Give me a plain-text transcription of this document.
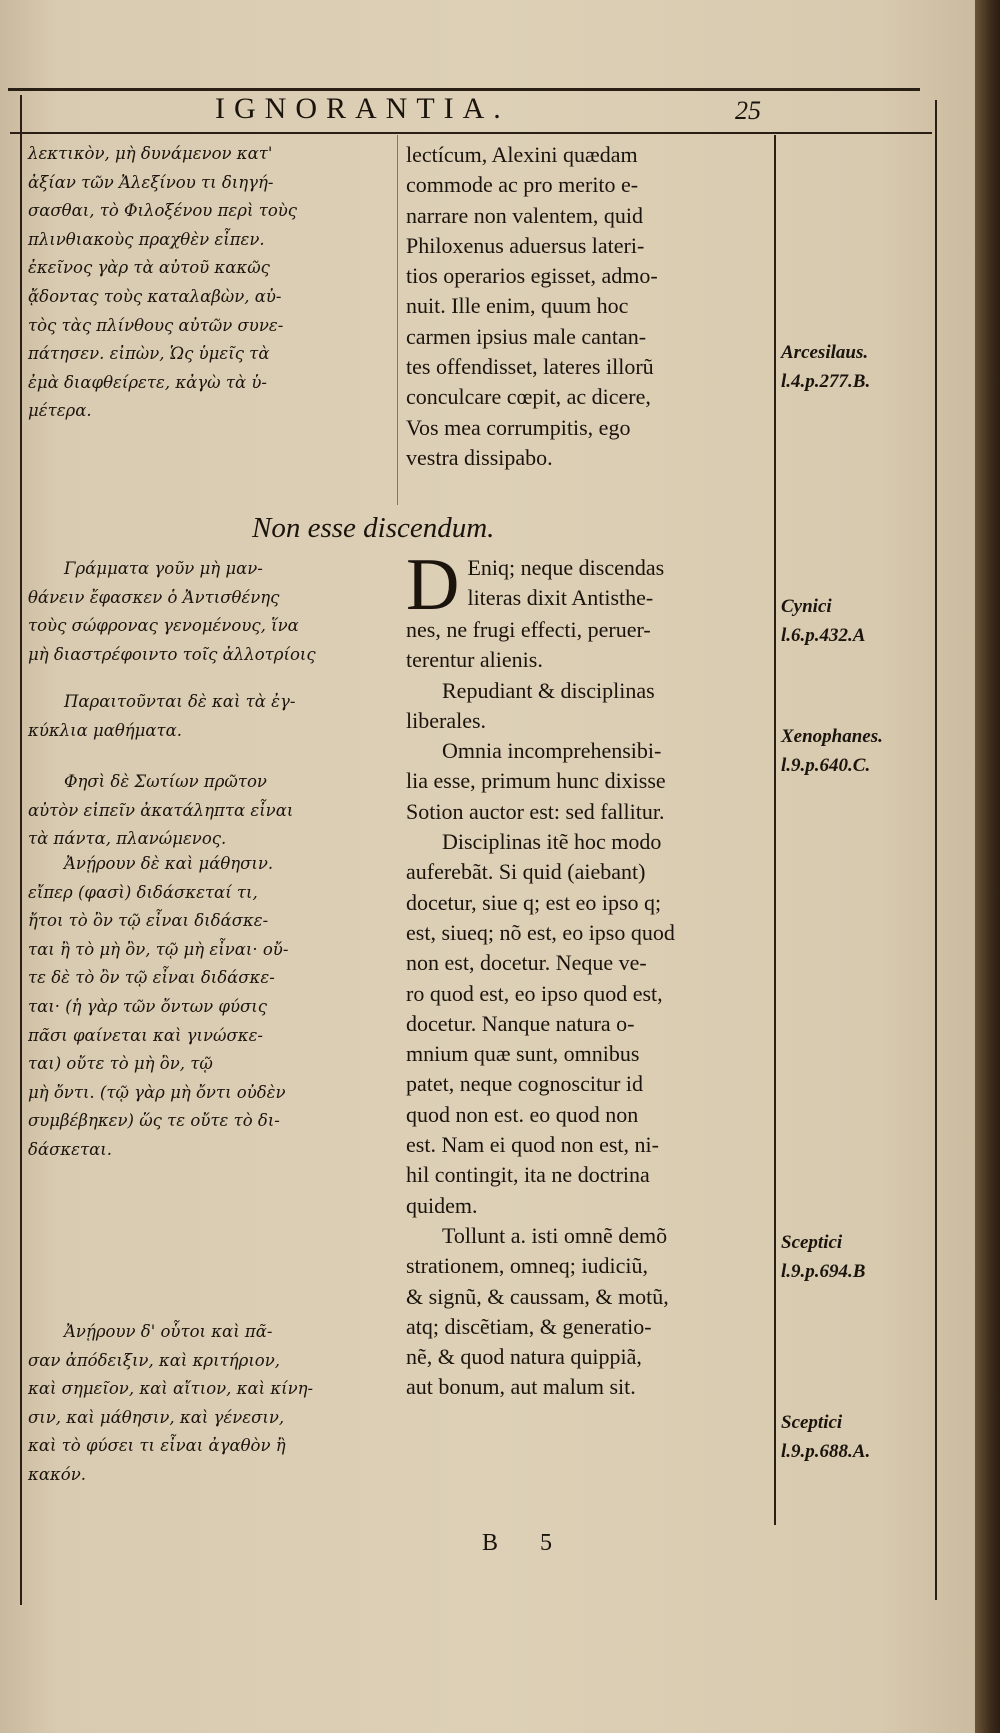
IGNORANTIA.	25

λεκτικὸν, μὴ δυνάμενον κατ'

ἀξίαν τῶν Ἀλεξίνου τι διηγή-

σασθαι, τὸ Φιλοξένου περὶ τοὺς

πλινθιακοὺς πραχθὲν εἶπεν.

ἐκεῖνος γὰρ τὰ αὐτοῦ κακῶς

ᾄδοντας τοὺς καταλαβὼν, αὐ-

τὸς τὰς πλίνθους αὐτῶν συνε-

πάτησεν. εἰπὼν, Ὡς ὑμεῖς τὰ

ἐμὰ διαφθείρετε, κἀγὼ τὰ ὑ-

μέτερα.

Γράμματα γοῦν μὴ μαν-

θάνειν ἔφασκεν ὁ Ἀντισθένης

τοὺς σώφρονας γενομένους, ἵνα

μὴ διαστρέφοιντο τοῖς ἀλλοτρίοις

Παραιτοῦνται δὲ καὶ τὰ ἐγ-

κύκλια μαθήματα.

Φησὶ δὲ Σωτίων πρῶτον

αὐτὸν εἰπεῖν ἀκατάληπτα εἶναι

τὰ πάντα, πλανώμενος.

Ἀνῄρουν δὲ καὶ μάθησιν.

εἴπερ (φασὶ) διδάσκεταί τι,

ἤτοι τὸ ὂν τῷ εἶναι διδάσκε-

ται ἢ τὸ μὴ ὂν, τῷ μὴ εἶναι· οὔ-

τε δὲ τὸ ὂν τῷ εἶναι διδάσκε-

ται· (ἡ γὰρ τῶν ὄντων φύσις

πᾶσι φαίνεται καὶ γινώσκε-

ται) οὔτε τὸ μὴ ὂν, τῷ

μὴ ὄντι. (τῷ γὰρ μὴ ὄντι οὐδὲν

συμβέβηκεν) ὥς τε οὔτε τὸ δι-

δάσκεται.

Ἀνῄρουν δ' οὗτοι καὶ πᾶ-

σαν ἀπόδειξιν, καὶ κριτήριον,

καὶ σημεῖον, καὶ αἴτιον, καὶ κίνη-

σιν, καὶ μάθησιν, καὶ γένεσιν,

καὶ τὸ φύσει τι εἶναι ἀγαθὸν ἢ

κακόν.

lectícum, Alexini quædam

commode ac pro merito e-

narrare non valentem, quid

Philoxenus aduersus lateri-

tios operarios egisset, admo-

nuit. Ille enim, quum hoc

carmen ipsius male cantan-

tes offendisset, lateres illorũ

conculcare cœpit, ac dicere,

Vos mea corrumpitis, ego

vestra dissipabo.

Non esse discendum.
D Eniq; neque discendas

literas dixit Antisthe-

nes, ne frugi effecti, peruer-

terentur alienis.

Repudiant & disciplinas

liberales.

Omnia incomprehensibi-

lia esse, primum hunc dixisse

Sotion auctor est: sed fallitur.

Disciplinas itẽ hoc modo

auferebãt. Si quid (aiebant)

docetur, siue q; est eo ipso q;

est, siueq; nõ est, eo ipso quod

non est, docetur. Neque ve-

ro quod est, eo ipso quod est,

docetur. Nanque natura o-

mnium quæ sunt, omnibus

patet, neque cognoscitur id

quod non est. eo quod non

est. Nam ei quod non est, ni-

hil contingit, ita ne doctrina

quidem.

Tollunt a. isti omnẽ demõ

strationem, omneq; iudiciũ,

& signũ, & caussam, & motũ,

atq; discẽtiam, & generatio-

nẽ, & quod natura quippiã,

aut bonum, aut malum sit.

Arcesilaus.
l.4.p.277.B.
Cynici
l.6.p.432.A
Xenophanes.
l.9.p.640.C.
Sceptici
l.9.p.694.B
Sceptici
l.9.p.688.A.
B 5
